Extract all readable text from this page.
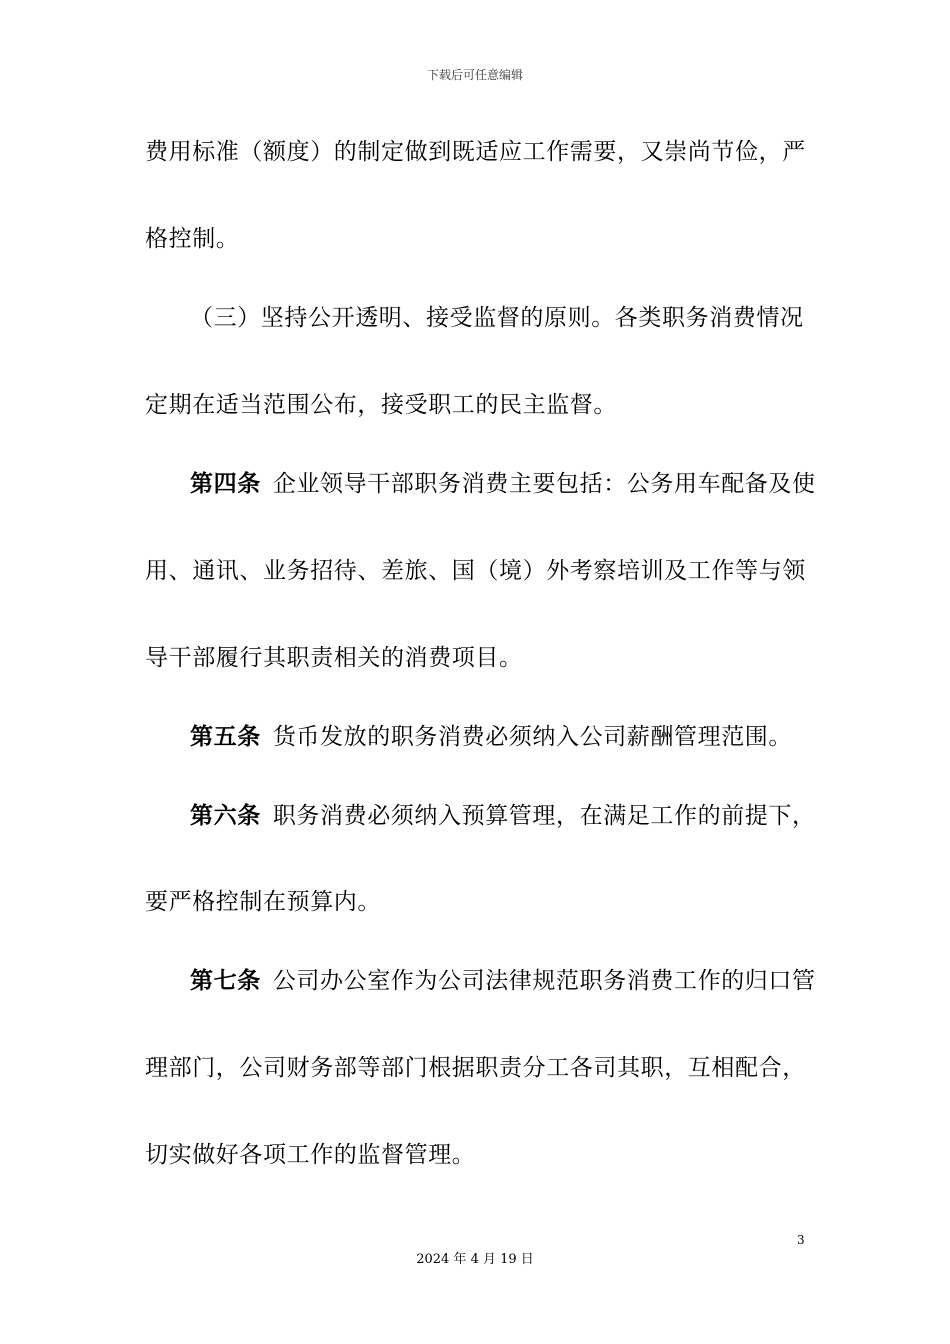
下载后可任意编辑
费用标准（额度）的制定做到既适应工作需要，又崇尚节俭，严
格控制。
（三）坚持公开透明、接受监督的原则。各类职务消费情况
定期在适当范围公布，接受职工的民主监督。
第四条 企业领导干部职务消费主要包括：公务用车配备及使
用、通讯、业务招待、差旅、国（境）外考察培训及工作等与领
导干部履行其职责相关的消费项目。
第五条 货币发放的职务消费必须纳入公司薪酬管理范围。
第六条 职务消费必须纳入预算管理，在满足工作的前提下，
要严格控制在预算内。
第七条 公司办公室作为公司法律规范职务消费工作的归口管
理部门，公司财务部等部门根据职责分工各司其职，互相配合，
切实做好各项工作的监督管理。
3
2024 年 4 月 19 日
